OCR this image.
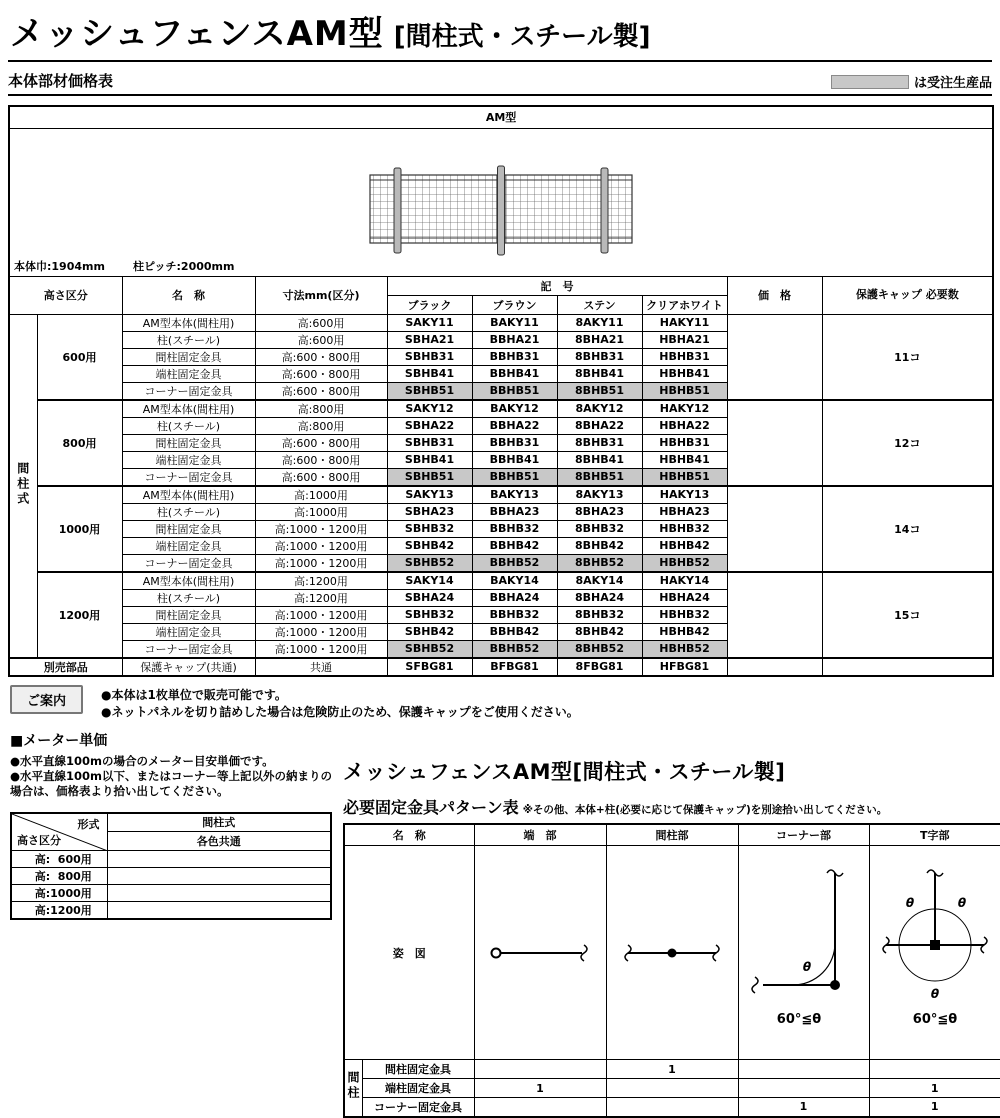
メッシュフェンスAM型 [間柱式・スチール製]
本体部材価格表	は受注生産品
AM型									

本体巾:1904mm 柱ピッチ:2000mm									

高さ区分		名　称	寸法mm(区分)	記　号				価　格	保護キャップ 必要数
				ブラック	ブラウン	ステン	クリアホワイト		
間柱式	600用	AM型本体(間柱用)	高:600用	SAKY11	BAKY11	8AKY11	HAKY11		11コ
		柱(スチール)	高:600用	SBHA21	BBHA21	8BHA21	HBHA21		
		間柱固定金具	高:600・800用	SBHB31	BBHB31	8BHB31	HBHB31		
		端柱固定金具	高:600・800用	SBHB41	BBHB41	8BHB41	HBHB41		
		コーナー固定金具	高:600・800用	SBHB51	BBHB51	8BHB51	HBHB51		
	800用	AM型本体(間柱用)	高:800用	SAKY12	BAKY12	8AKY12	HAKY12		12コ
		柱(スチール)	高:800用	SBHA22	BBHA22	8BHA22	HBHA22		
		間柱固定金具	高:600・800用	SBHB31	BBHB31	8BHB31	HBHB31		
		端柱固定金具	高:600・800用	SBHB41	BBHB41	8BHB41	HBHB41		
		コーナー固定金具	高:600・800用	SBHB51	BBHB51	8BHB51	HBHB51		
	1000用	AM型本体(間柱用)	高:1000用	SAKY13	BAKY13	8AKY13	HAKY13		14コ
		柱(スチール)	高:1000用	SBHA23	BBHA23	8BHA23	HBHA23		
		間柱固定金具	高:1000・1200用	SBHB32	BBHB32	8BHB32	HBHB32		
		端柱固定金具	高:1000・1200用	SBHB42	BBHB42	8BHB42	HBHB42		
		コーナー固定金具	高:1000・1200用	SBHB52	BBHB52	8BHB52	HBHB52		
	1200用	AM型本体(間柱用)	高:1200用	SAKY14	BAKY14	8AKY14	HAKY14		15コ
		柱(スチール)	高:1200用	SBHA24	BBHA24	8BHA24	HBHA24		
		間柱固定金具	高:1000・1200用	SBHB32	BBHB32	8BHB32	HBHB32		
		端柱固定金具	高:1000・1200用	SBHB42	BBHB42	8BHB42	HBHB42		
		コーナー固定金具	高:1000・1200用	SBHB52	BBHB52	8BHB52	HBHB52		
別売部品		保護キャップ(共通)	共通	SFBG81	BFBG81	8FBG81	HFBG81		
ご案内	●本体は1枚単位で販売可能です。
●ネットパネルを切り詰めした場合は危険防止のため、保護キャップをご使用ください。
■メーター単価
●水平直線100mの場合のメーター目安単価です。
●水平直線100m以下、またはコーナー等上記以外の納まりの場合は、価格表より拾い出してください。
形式
高さ区分	間柱式
	各色共通
高:  600用	
高:  800用	
高:1000用	
高:1200用	
メッシュフェンスAM型[間柱式・スチール製]
必要固定金具パターン表 ※その他、本体+柱(必要に応じて保護キャップ)を別途拾い出してください。
名　称		端　部	間柱部	コーナー部	T字部
姿　図				θ
60°≦θ	θ θ
θ
60°≦θ

間柱	間柱固定金具		1		
	端柱固定金具	1			1
	コーナー固定金具			1	1
